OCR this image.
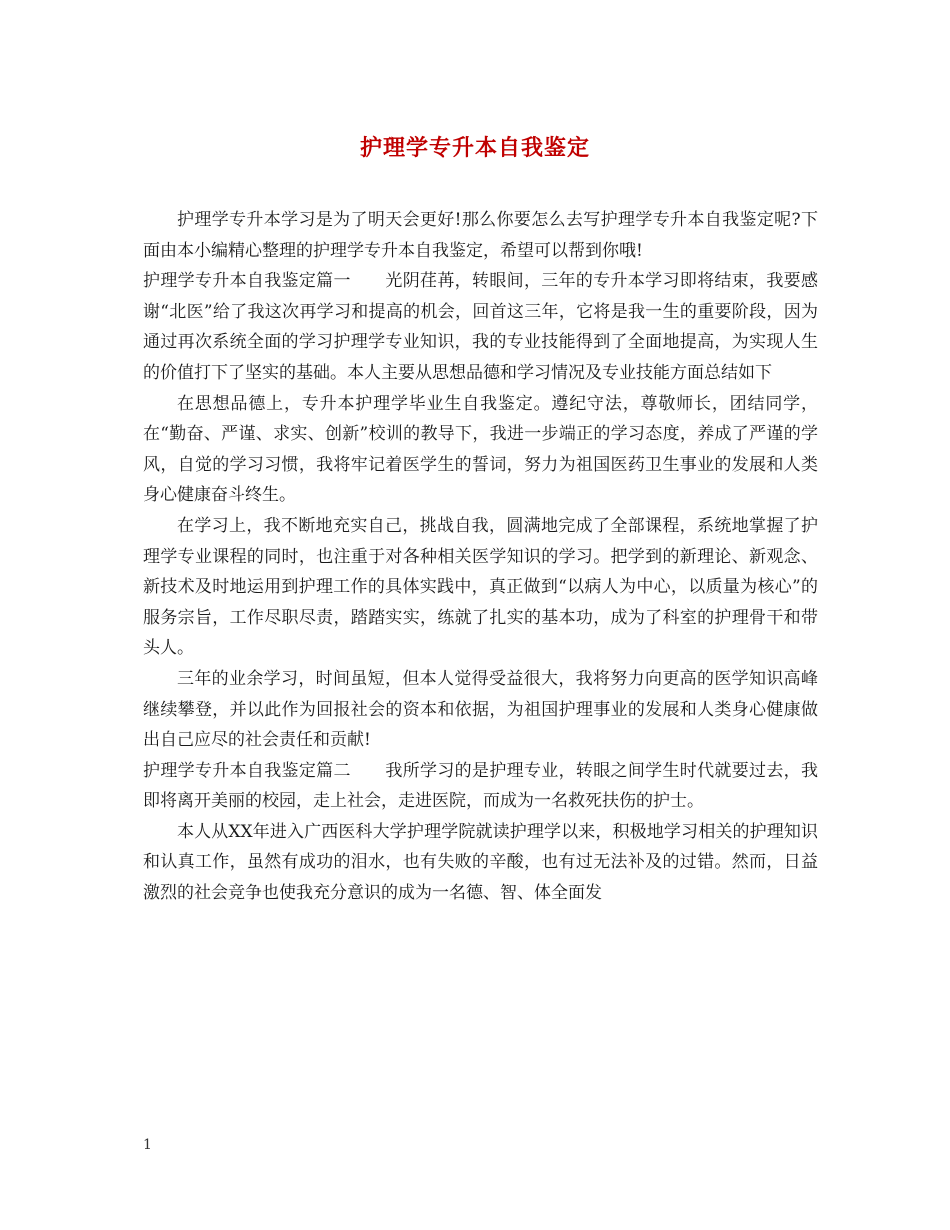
护理学专升本自我鉴定

护理学专升本学习是为了明天会更好!那么你要怎么去写护理学专升本自我鉴定呢?下面由本小编精心整理的护理学专升本自我鉴定，希望可以帮到你哦!

护理学专升本自我鉴定篇一　　光阴荏苒，转眼间，三年的专升本学习即将结束，我要感谢“北医”给了我这次再学习和提高的机会，回首这三年，它将是我一生的重要阶段，因为通过再次系统全面的学习护理学专业知识，我的专业技能得到了全面地提高，为实现人生的价值打下了坚实的基础。本人主要从思想品德和学习情况及专业技能方面总结如下

在思想品德上，专升本护理学毕业生自我鉴定。遵纪守法，尊敬师长，团结同学，在“勤奋、严谨、求实、创新”校训的教导下，我进一步端正的学习态度，养成了严谨的学风，自觉的学习习惯，我将牢记着医学生的誓词，努力为祖国医药卫生事业的发展和人类身心健康奋斗终生。

在学习上，我不断地充实自己，挑战自我，圆满地完成了全部课程，系统地掌握了护理学专业课程的同时，也注重于对各种相关医学知识的学习。把学到的新理论、新观念、新技术及时地运用到护理工作的具体实践中，真正做到“以病人为中心，以质量为核心”的服务宗旨，工作尽职尽责，踏踏实实，练就了扎实的基本功，成为了科室的护理骨干和带头人。

三年的业余学习，时间虽短，但本人觉得受益很大，我将努力向更高的医学知识高峰继续攀登，并以此作为回报社会的资本和依据，为祖国护理事业的发展和人类身心健康做出自己应尽的社会责任和贡献!

护理学专升本自我鉴定篇二　　我所学习的是护理专业，转眼之间学生时代就要过去，我即将离开美丽的校园，走上社会，走进医院，而成为一名救死扶伤的护士。

本人从XX年进入广西医科大学护理学院就读护理学以来，积极地学习相关的护理知识和认真工作，虽然有成功的泪水，也有失败的辛酸，也有过无法补及的过错。然而，日益激烈的社会竞争也使我充分意识的成为一名德、智、体全面发

1
